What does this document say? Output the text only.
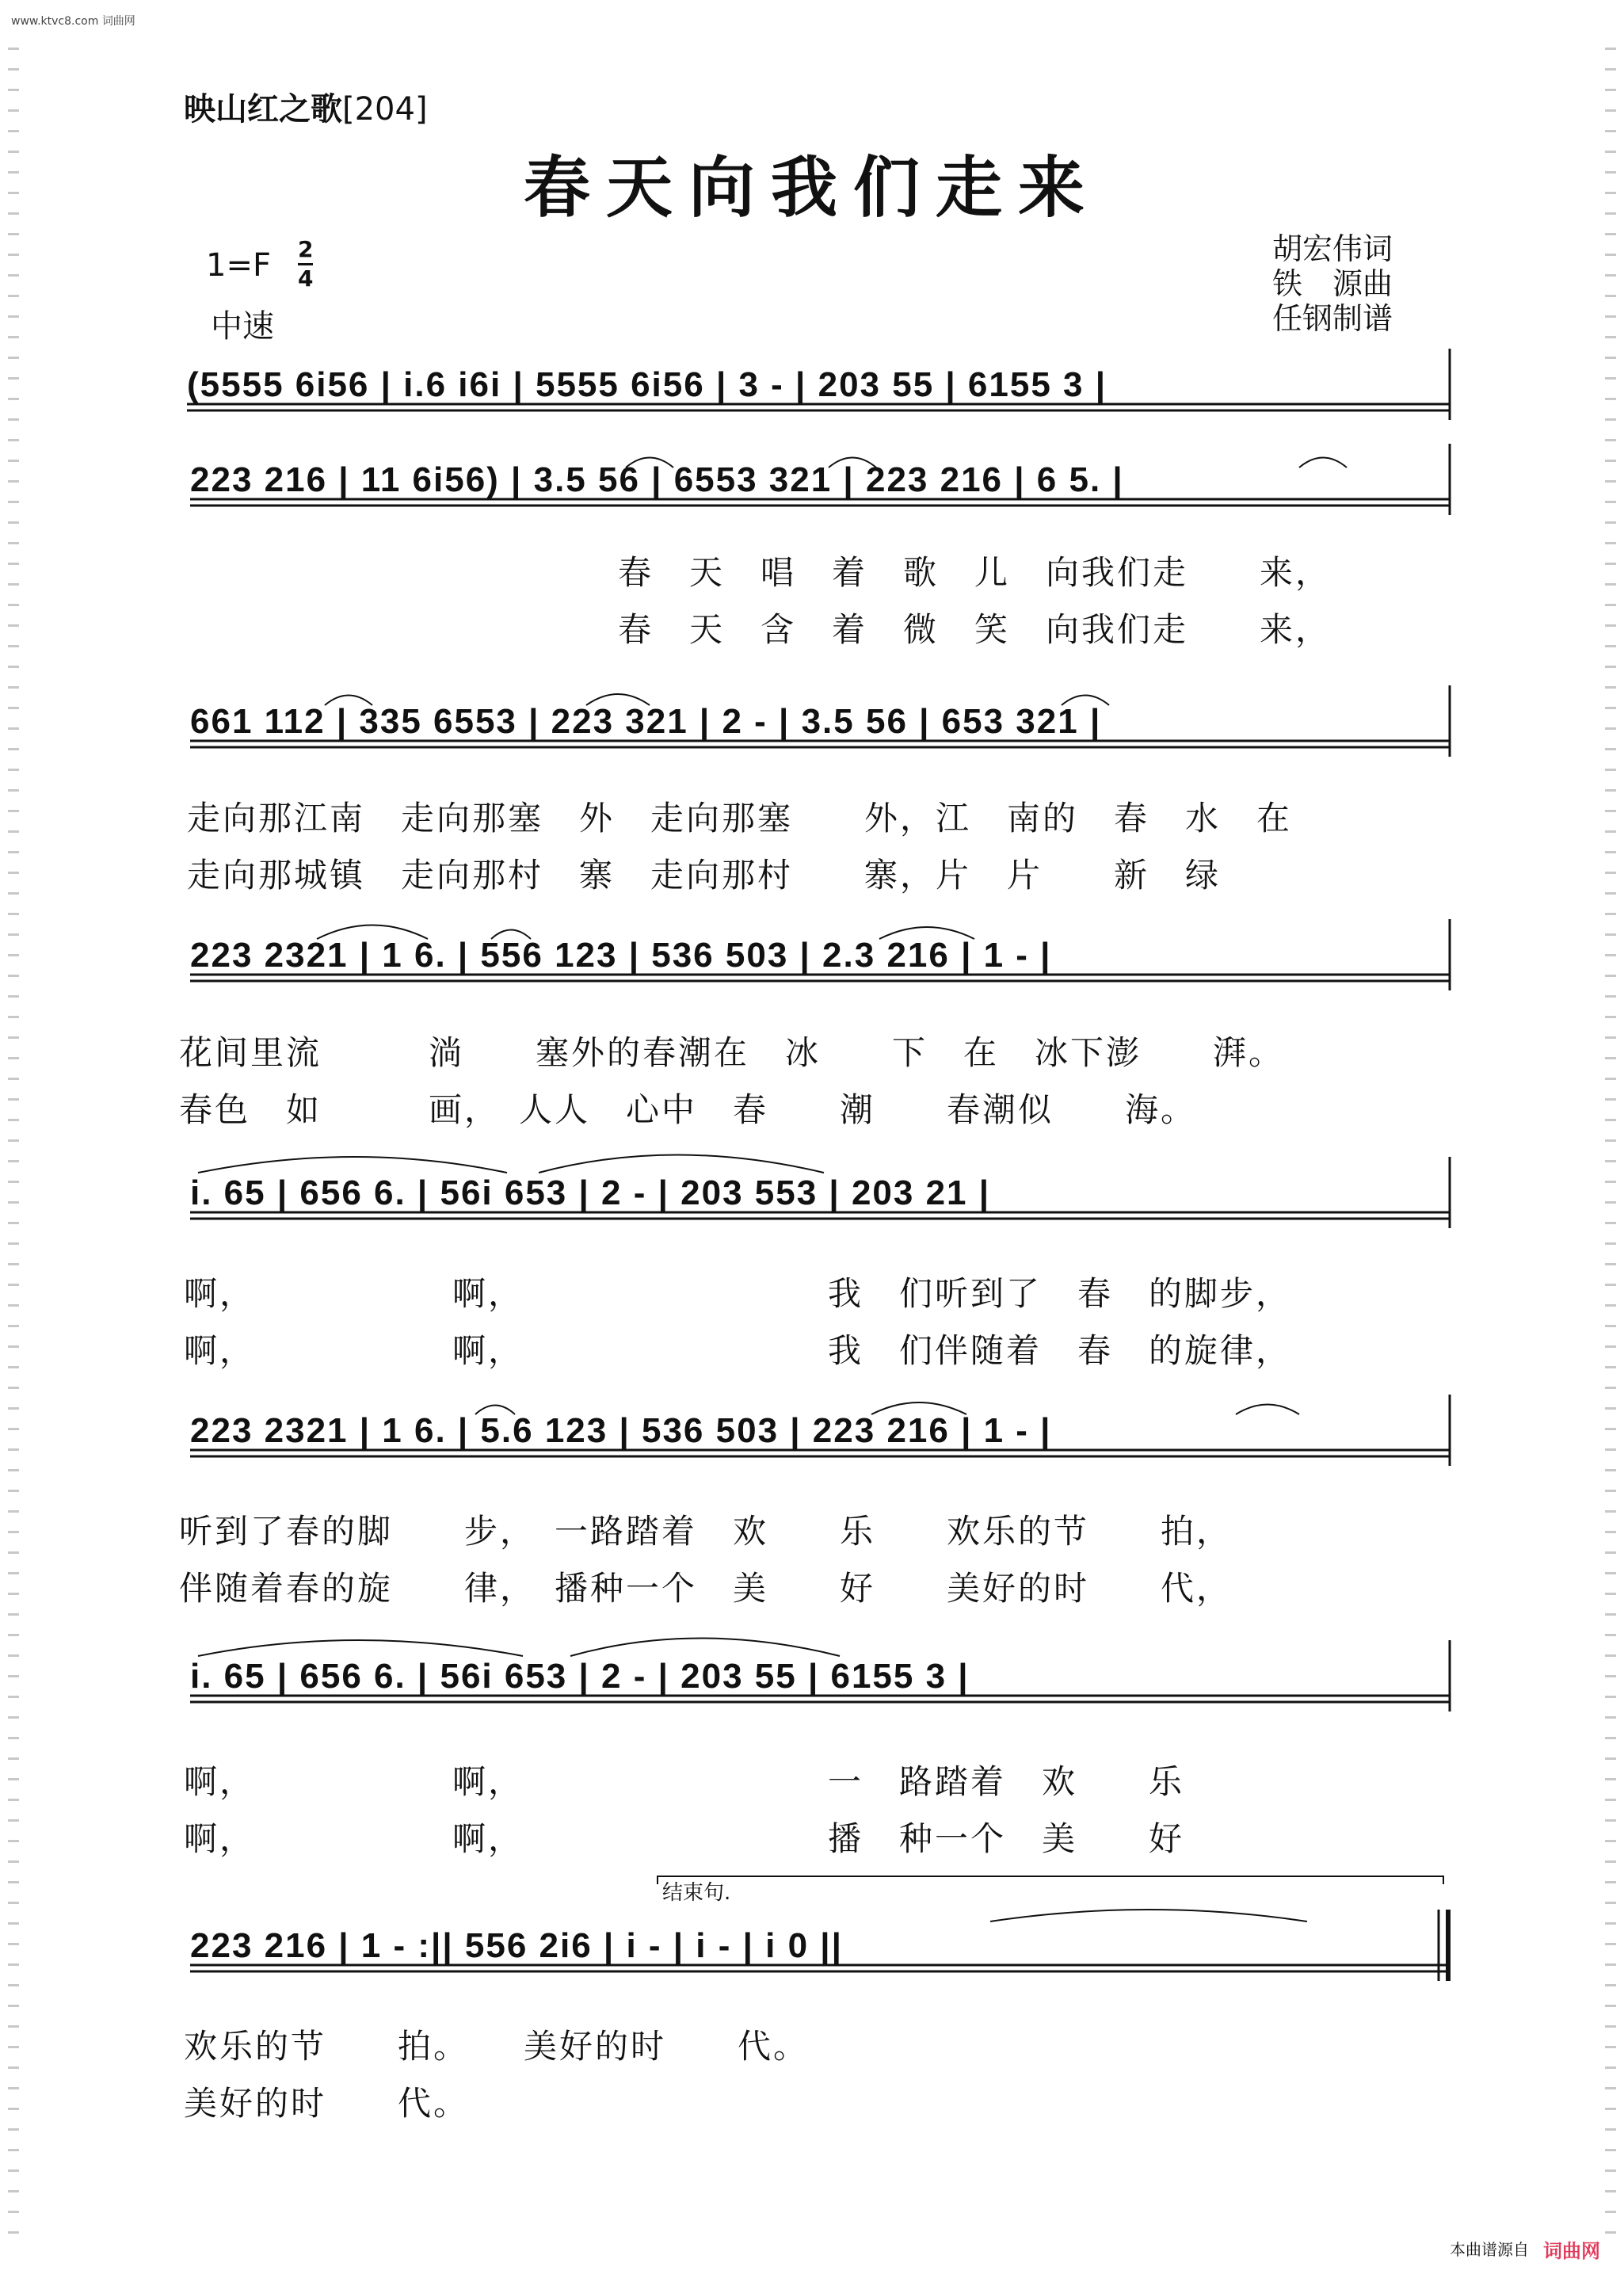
www.ktvc8.com 词曲网
映山红之歌[204]
春天向我们走来
$1=F \frac{2}{4}$
中速
胡宏伟词
铁　源曲
任钢制谱
(5555 6i56 | i.6 i6i | 5555 6i56 | 3 - | 203 55 | 6155 3 |
223 216 | 11 6i56) | 3.5 56 | 6553 321 | 223 216 | 6 5. |
661 112 | 335 6553 | 223 321 | 2 - | 3.5 56 | 653 321 |
223 2321 | 1 6. | 556 123 | 536 503 | 2.3 216 | 1 - |
i. 65 | 656 6. | 56i 653 | 2 - | 203 553 | 203 21 |
223 2321 | 1 6. | 5.6 123 | 536 503 | 223 216 | 1 - |
i. 65 | 656 6. | 56i 653 | 2 - | 203 55 | 6155 3 |
223 216 | 1 - :|| 556 2i6 | i - | i - | i 0 ||
春　天　唱　着　歌　儿　向我们走　　来，
春　天　含　着　微　笑　向我们走　　来，
走向那江南　走向那塞　外　走向那塞　　外，江　南的　春　水　在
走向那城镇　走向那村　寨　走向那村　　寨，片　片　　新　绿
花间里流　　　淌　　塞外的春潮在　冰　　下　在　冰下澎　　湃。
春色　如　　　画，　人人　心中　春　　潮　　春潮似　　海。
啊，　　　　　　啊，　　　　　　　　　我　们听到了　春　的脚步，
啊，　　　　　　啊，　　　　　　　　　我　们伴随着　春　的旋律，
听到了春的脚　　步，　一路踏着　欢　　乐　　欢乐的节　　拍，
伴随着春的旋　　律，　播种一个　美　　好　　美好的时　　代，
啊，　　　　　　啊，　　　　　　　　　一　路踏着　欢　　乐
啊，　　　　　　啊，　　　　　　　　　播　种一个　美　　好
结束句.
欢乐的节　　拍。　　美好的时　　代。
美好的时　　代。
本曲谱源自 词曲网
